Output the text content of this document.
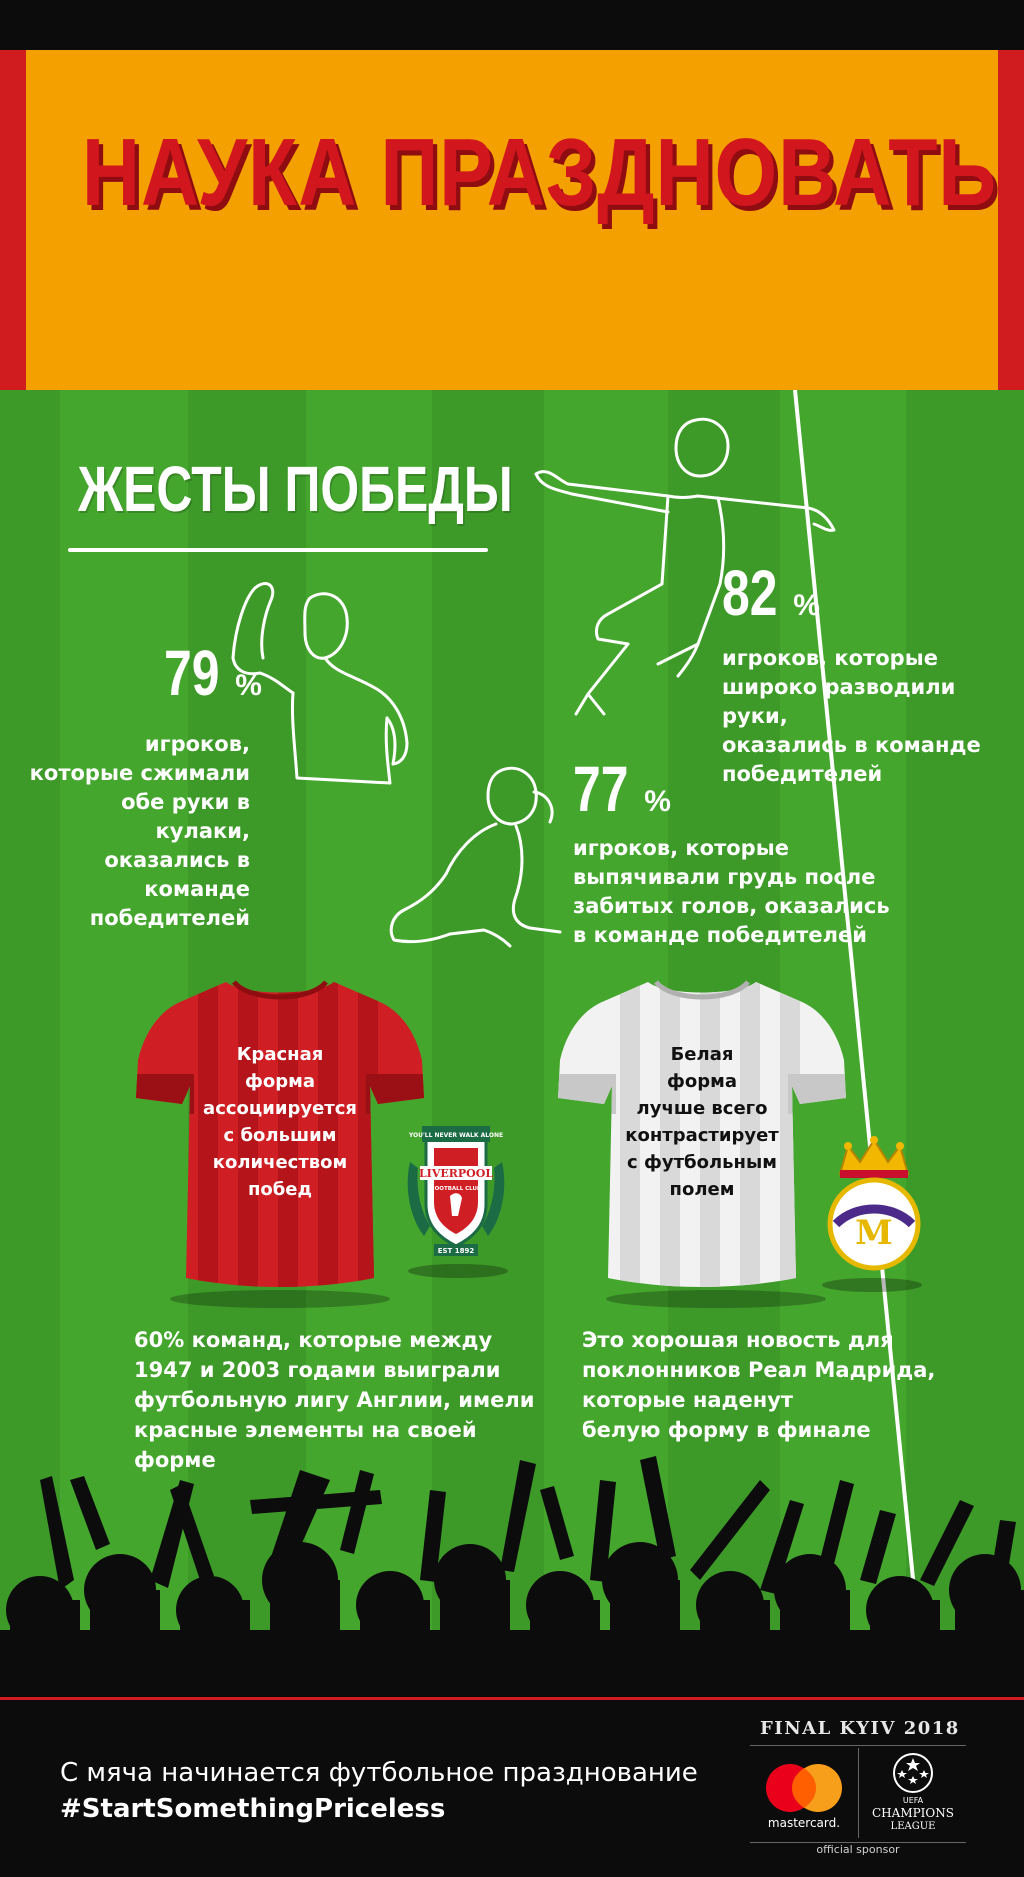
НАУКА ПРАЗДНОВАТЬ
ЖЕСТЫ ПОБЕДЫ
79 %
игроков,
которые сжимали
обе руки в кулаки,
оказались в команде
победителей
82 %
игроков, которые
широко разводили руки,
оказались в команде
победителей
77 %
игроков, которые
выпячивали грудь после
забитых голов, оказались
в команде победителей
Красная
форма
ассоциируется
с большим
количеством
побед
YOU'LL NEVER WALK ALONE
LIVERPOOL
FOOTBALL CLUB
EST 1892
Белая
форма
лучше всего
контрастирует
с футбольным
полем
M
60% команд, которые между
1947 и 2003 годами выиграли
футбольную лигу Англии, имели
красные элементы на своей форме
Это хорошая новость для
поклонников Реал Мадрида,
которые наденут
белую форму в финале

С мяча начинается футбольное празднование

#StartSomethingPriceless

FINAL KYIV 2018
mastercard.
UEFA
CHAMPIONS
LEAGUE
official sponsor
